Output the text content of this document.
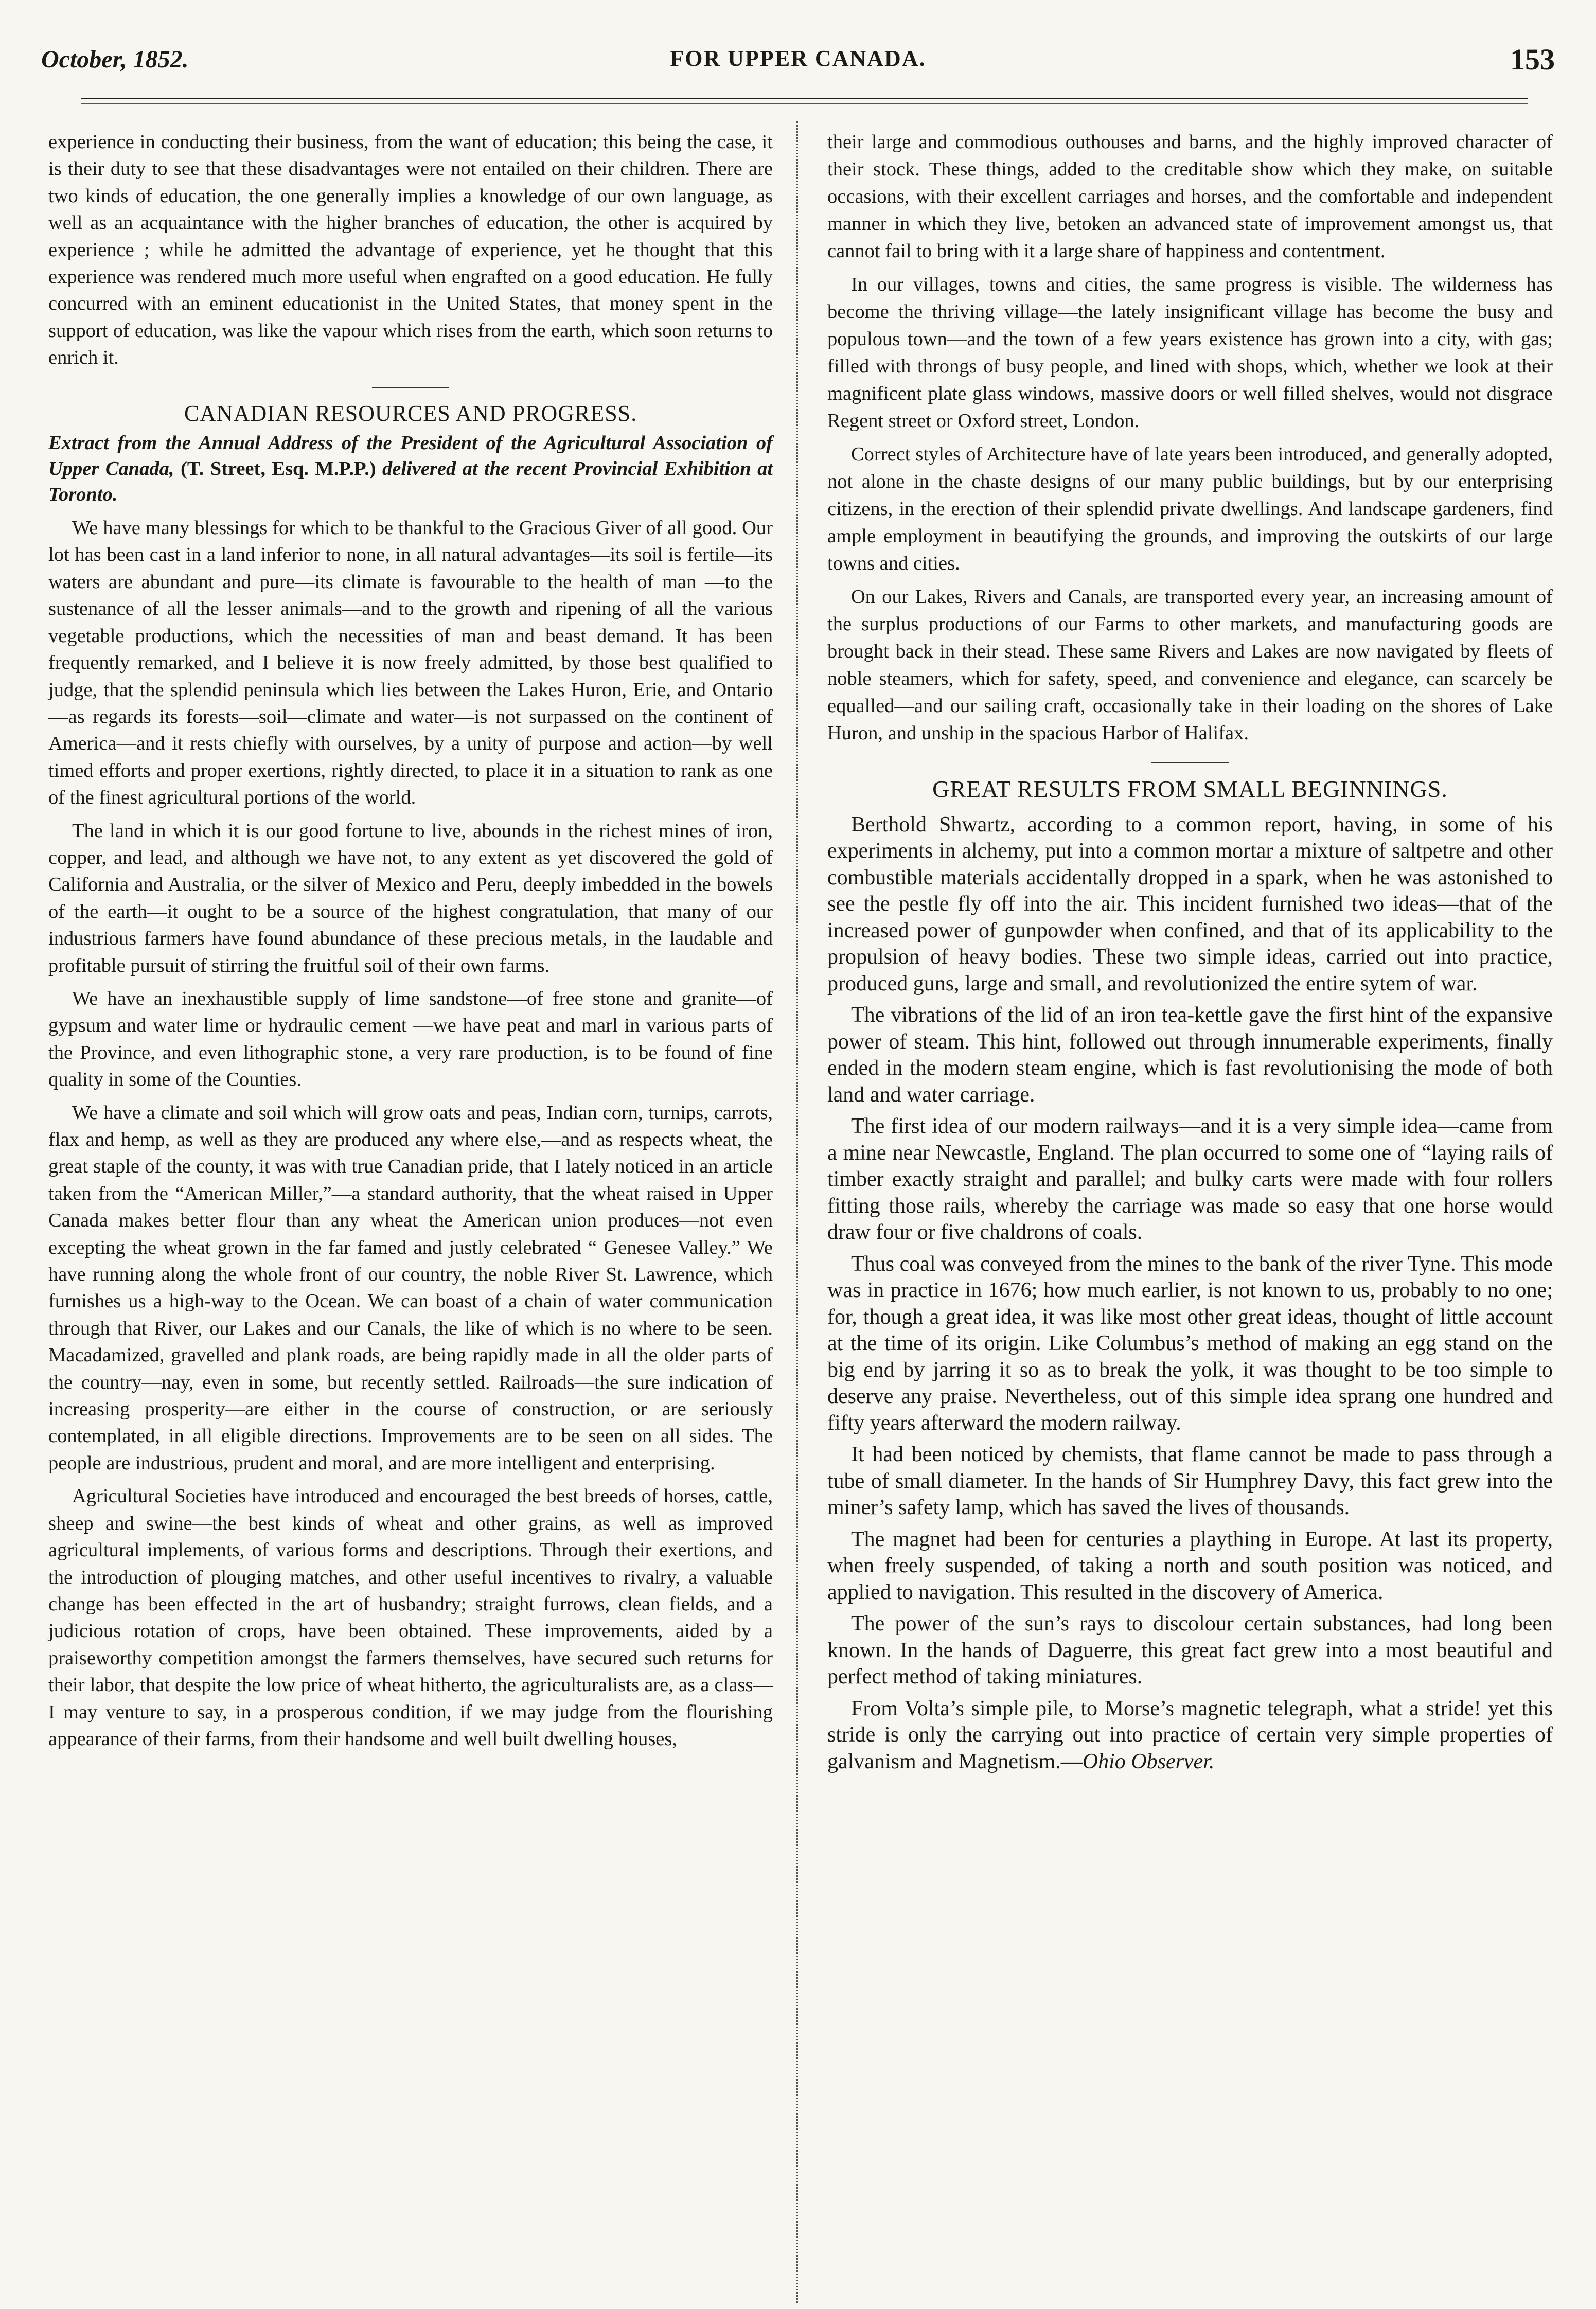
October, 1852.	FOR UPPER CANADA.	153

experience in conducting their business, from the want of education; this being the case, it is their duty to see that these disadvantages were not entailed on their children. There are two kinds of education, the one generally implies a knowledge of our own language, as well as an acquaintance with the higher branches of education, the other is acquired by experience ; while he admitted the advantage of experience, yet he thought that this experience was rendered much more useful when engrafted on a good education. He fully concurred with an eminent educationist in the United States, that money spent in the support of education, was like the vapour which rises from the earth, which soon returns to enrich it.

CANADIAN RESOURCES AND PROGRESS.
Extract from the Annual Address of the President of the Agricultural Association of Upper Canada, (T. Street, Esq. M.P.P.) delivered at the recent Provincial Exhibition at Toronto.

We have many blessings for which to be thankful to the Gracious Giver of all good. Our lot has been cast in a land inferior to none, in all natural advantages—its soil is fertile—its waters are abundant and pure—its climate is favourable to the health of man —to the sustenance of all the lesser animals—and to the growth and ripening of all the various vegetable productions, which the necessities of man and beast demand. It has been frequently remarked, and I believe it is now freely admitted, by those best qualified to judge, that the splendid peninsula which lies between the Lakes Huron, Erie, and Ontario—as regards its forests—soil—climate and water—is not surpassed on the continent of America—and it rests chiefly with ourselves, by a unity of purpose and action—by well timed efforts and proper exertions, rightly directed, to place it in a situation to rank as one of the finest agricultural portions of the world.

The land in which it is our good fortune to live, abounds in the richest mines of iron, copper, and lead, and although we have not, to any extent as yet discovered the gold of California and Australia, or the silver of Mexico and Peru, deeply imbedded in the bowels of the earth—it ought to be a source of the highest congratulation, that many of our industrious farmers have found abundance of these precious metals, in the laudable and profitable pursuit of stirring the fruitful soil of their own farms.

We have an inexhaustible supply of lime sandstone—of free stone and granite—of gypsum and water lime or hydraulic cement —we have peat and marl in various parts of the Province, and even lithographic stone, a very rare production, is to be found of fine quality in some of the Counties.

We have a climate and soil which will grow oats and peas, Indian corn, turnips, carrots, flax and hemp, as well as they are produced any where else,—and as respects wheat, the great staple of the county, it was with true Canadian pride, that I lately noticed in an article taken from the “American Miller,”—a standard authority, that the wheat raised in Upper Canada makes better flour than any wheat the American union produces—not even excepting the wheat grown in the far famed and justly celebrated “ Genesee Valley.” We have running along the whole front of our country, the noble River St. Lawrence, which furnishes us a high-way to the Ocean. We can boast of a chain of water communication through that River, our Lakes and our Canals, the like of which is no where to be seen. Macadamized, gravelled and plank roads, are being rapidly made in all the older parts of the country—nay, even in some, but recently settled. Railroads—the sure indication of increasing prosperity—are either in the course of construction, or are seriously contemplated, in all eligible directions. Improvements are to be seen on all sides. The people are industrious, prudent and moral, and are more intelligent and enterprising.

Agricultural Societies have introduced and encouraged the best breeds of horses, cattle, sheep and swine—the best kinds of wheat and other grains, as well as improved agricultural implements, of various forms and descriptions. Through their exertions, and the introduction of plouging matches, and other useful incentives to rivalry, a valuable change has been effected in the art of husbandry; straight furrows, clean fields, and a judicious rotation of crops, have been obtained. These improvements, aided by a praiseworthy competition amongst the farmers themselves, have secured such returns for their labor, that despite the low price of wheat hitherto, the agriculturalists are, as a class—I may venture to say, in a prosperous condition, if we may judge from the flourishing appearance of their farms, from their handsome and well built dwelling houses,

their large and commodious outhouses and barns, and the highly improved character of their stock. These things, added to the creditable show which they make, on suitable occasions, with their excellent carriages and horses, and the comfortable and independent manner in which they live, betoken an advanced state of improvement amongst us, that cannot fail to bring with it a large share of happiness and contentment.

In our villages, towns and cities, the same progress is visible. The wilderness has become the thriving village—the lately insignificant village has become the busy and populous town—and the town of a few years existence has grown into a city, with gas; filled with throngs of busy people, and lined with shops, which, whether we look at their magnificent plate glass windows, massive doors or well filled shelves, would not disgrace Regent street or Oxford street, London.

Correct styles of Architecture have of late years been introduced, and generally adopted, not alone in the chaste designs of our many public buildings, but by our enterprising citizens, in the erection of their splendid private dwellings. And landscape gardeners, find ample employment in beautifying the grounds, and improving the outskirts of our large towns and cities.

On our Lakes, Rivers and Canals, are transported every year, an increasing amount of the surplus productions of our Farms to other markets, and manufacturing goods are brought back in their stead. These same Rivers and Lakes are now navigated by fleets of noble steamers, which for safety, speed, and convenience and elegance, can scarcely be equalled—and our sailing craft, occasionally take in their loading on the shores of Lake Huron, and unship in the spacious Harbor of Halifax.

GREAT RESULTS FROM SMALL BEGINNINGS.

Berthold Shwartz, according to a common report, having, in some of his experiments in alchemy, put into a common mortar a mixture of saltpetre and other combustible materials accidentally dropped in a spark, when he was astonished to see the pestle fly off into the air. This incident furnished two ideas—that of the increased power of gunpowder when confined, and that of its applicability to the propulsion of heavy bodies. These two simple ideas, carried out into practice, produced guns, large and small, and revolutionized the entire sytem of war.

The vibrations of the lid of an iron tea-kettle gave the first hint of the expansive power of steam. This hint, followed out through innumerable experiments, finally ended in the modern steam engine, which is fast revolutionising the mode of both land and water carriage.

The first idea of our modern railways—and it is a very simple idea—came from a mine near Newcastle, England. The plan occurred to some one of “laying rails of timber exactly straight and parallel; and bulky carts were made with four rollers fitting those rails, whereby the carriage was made so easy that one horse would draw four or five chaldrons of coals.

Thus coal was conveyed from the mines to the bank of the river Tyne. This mode was in practice in 1676; how much earlier, is not known to us, probably to no one; for, though a great idea, it was like most other great ideas, thought of little account at the time of its origin. Like Columbus’s method of making an egg stand on the big end by jarring it so as to break the yolk, it was thought to be too simple to deserve any praise. Nevertheless, out of this simple idea sprang one hundred and fifty years afterward the modern railway.

It had been noticed by chemists, that flame cannot be made to pass through a tube of small diameter. In the hands of Sir Humphrey Davy, this fact grew into the miner’s safety lamp, which has saved the lives of thousands.

The magnet had been for centuries a plaything in Europe. At last its property, when freely suspended, of taking a north and south position was noticed, and applied to navigation. This resulted in the discovery of America.

The power of the sun’s rays to discolour certain substances, had long been known. In the hands of Daguerre, this great fact grew into a most beautiful and perfect method of taking miniatures.

From Volta’s simple pile, to Morse’s magnetic telegraph, what a stride! yet this stride is only the carrying out into practice of certain very simple properties of galvanism and Magnetism.—Ohio Observer.
